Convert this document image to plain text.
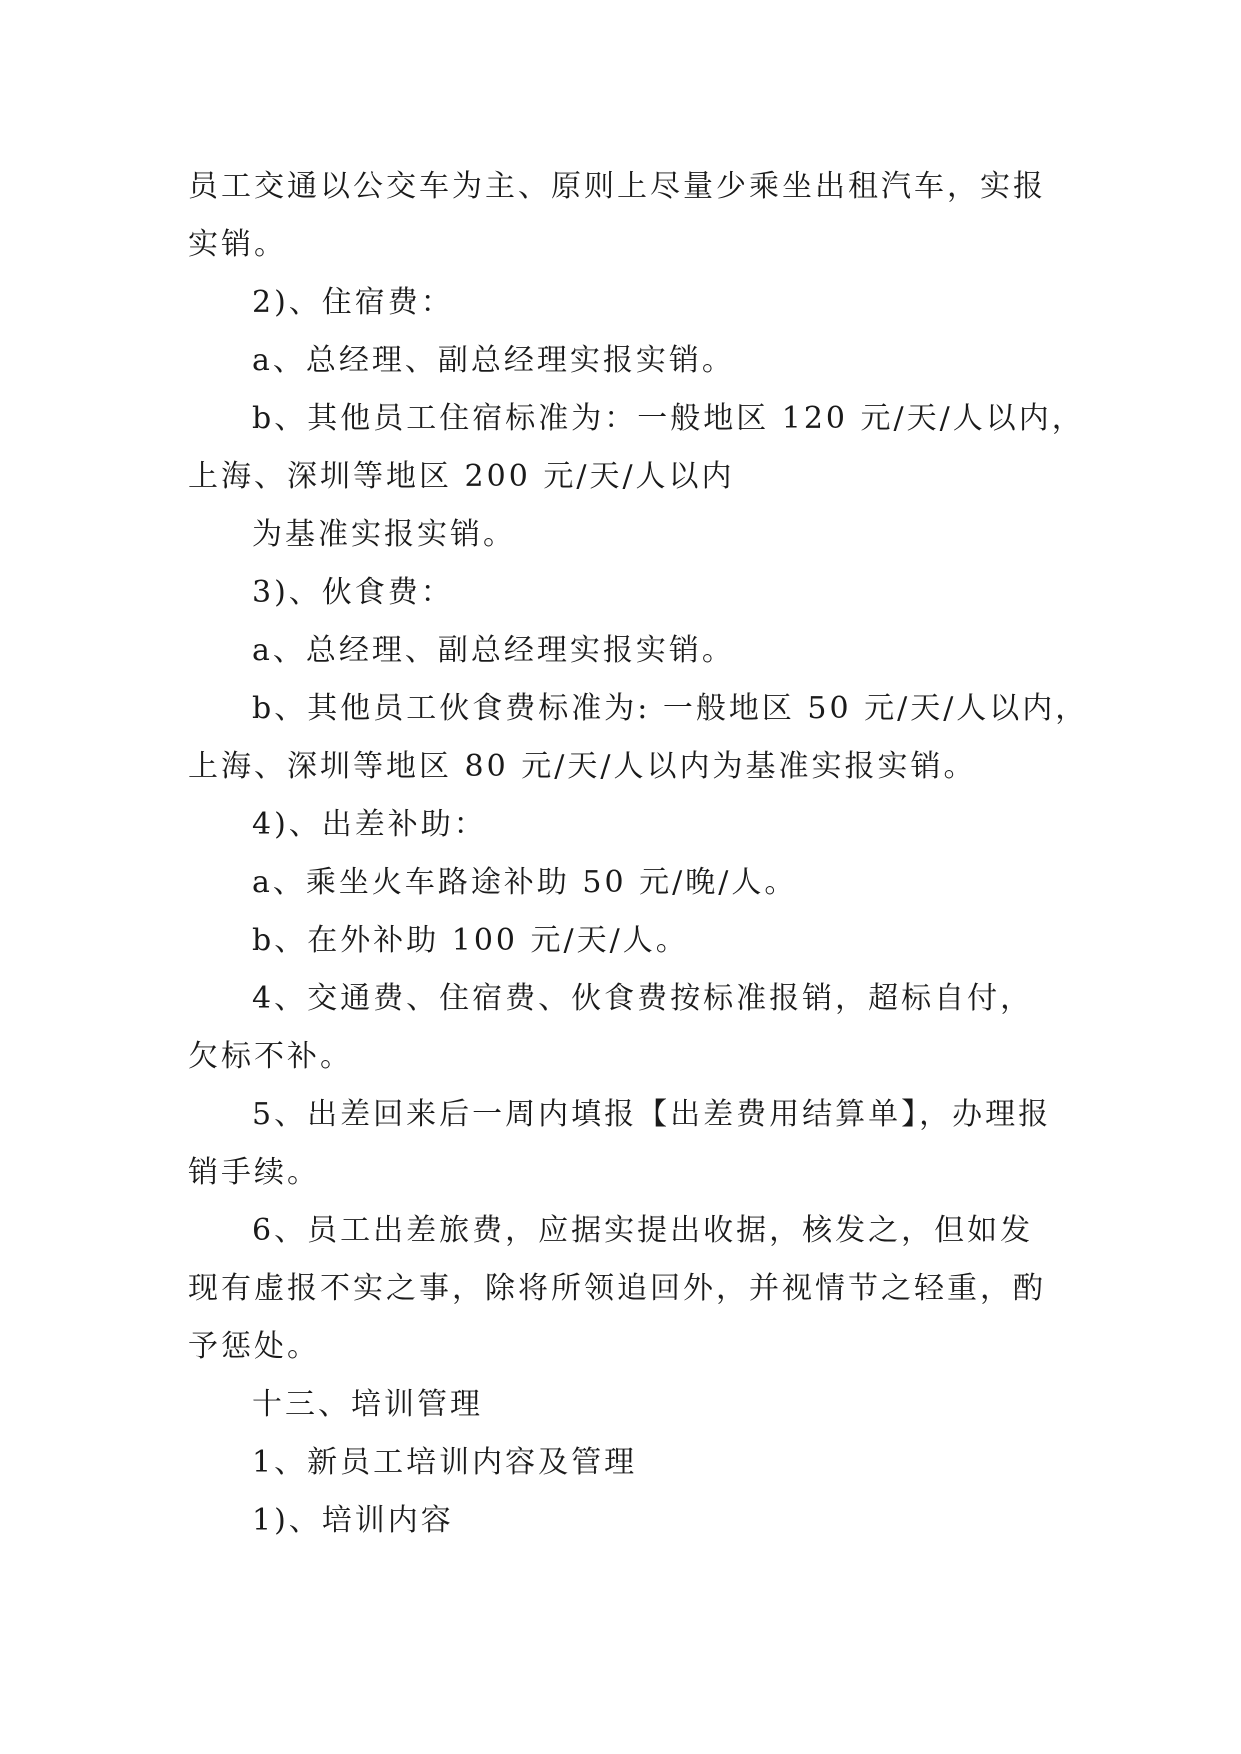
员工交通以公交车为主、原则上尽量少乘坐出租汽车，实报
实销。
2)、住宿费：
a、总经理、副总经理实报实销。
b、其他员工住宿标准为：一般地区 120 元/天/人以内，
上海、深圳等地区 200 元/天/人以内
为基准实报实销。
3)、伙食费：
a、总经理、副总经理实报实销。
b、其他员工伙食费标准为: 一般地区 50 元/天/人以内，
上海、深圳等地区 80 元/天/人以内为基准实报实销。
4)、出差补助：
a、乘坐火车路途补助 50 元/晚/人。
b、在外补助 100 元/天/人。
4、交通费、住宿费、伙食费按标准报销，超标自付，
欠标不补。
5、出差回来后一周内填报【出差费用结算单】，办理报
销手续。
6、员工出差旅费，应据实提出收据，核发之，但如发
现有虚报不实之事，除将所领追回外，并视情节之轻重，酌
予惩处。
十三、培训管理
1、新员工培训内容及管理
1)、培训内容
